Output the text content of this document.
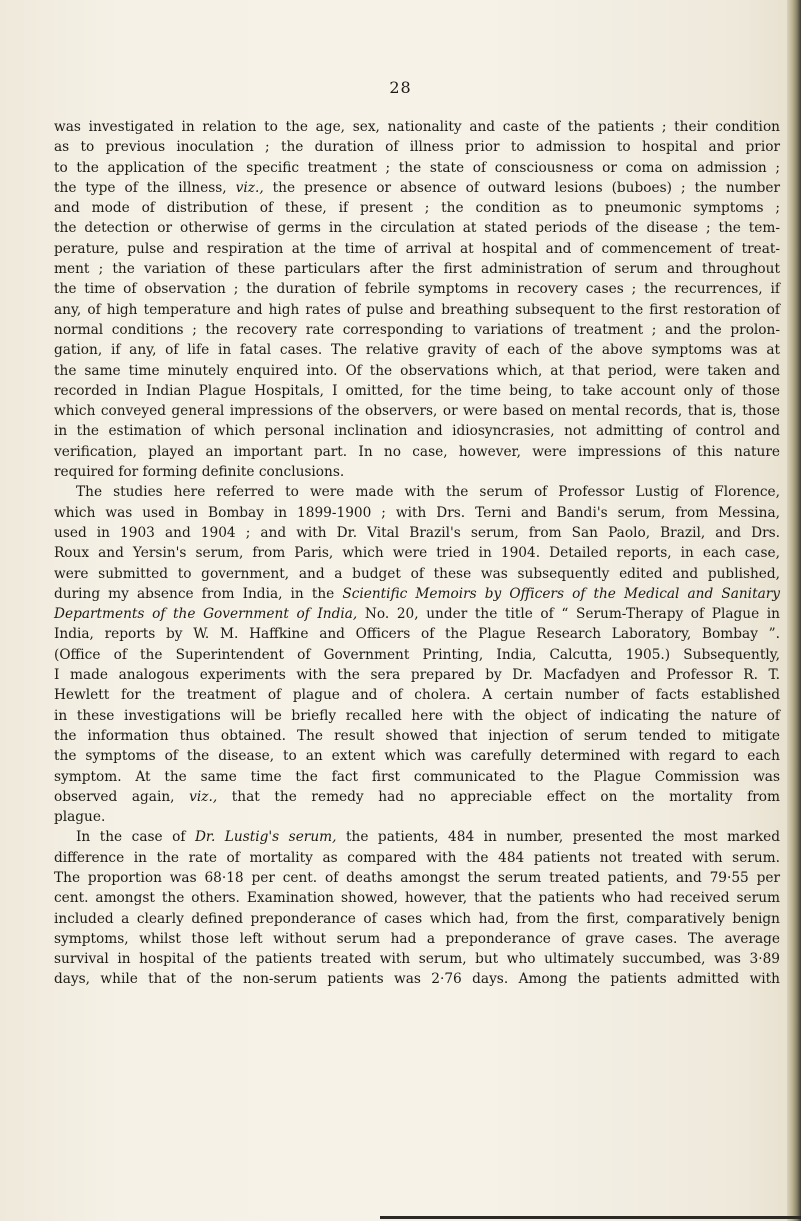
28
was investigated in relation to the age, sex, nationality and caste of the patients ; their condition
as to previous inoculation ; the duration of illness prior to admission to hospital and prior
to the application of the specific treatment ; the state of consciousness or coma on admission ;
the type of the illness, viz., the presence or absence of outward lesions (buboes) ; the number
and mode of distribution of these, if present ; the condition as to pneumonic symptoms ;
the detection or otherwise of germs in the circulation at stated periods of the disease ; the tem-
perature, pulse and respiration at the time of arrival at hospital and of commencement of treat-
ment ; the variation of these particulars after the first administration of serum and throughout
the time of observation ; the duration of febrile symptoms in recovery cases ; the recurrences, if
any, of high temperature and high rates of pulse and breathing subsequent to the first restoration of
normal conditions ; the recovery rate corresponding to variations of treatment ; and the prolon-
gation, if any, of life in fatal cases. The relative gravity of each of the above symptoms was at
the same time minutely enquired into. Of the observations which, at that period, were taken and
recorded in Indian Plague Hospitals, I omitted, for the time being, to take account only of those
which conveyed general impressions of the observers, or were based on mental records, that is, those
in the estimation of which personal inclination and idiosyncrasies, not admitting of control and
verification, played an important part. In no case, however, were impressions of this nature
required for forming definite conclusions.
The studies here referred to were made with the serum of Professor Lustig of Florence,
which was used in Bombay in 1899-1900 ; with Drs. Terni and Bandi's serum, from Messina,
used in 1903 and 1904 ; and with Dr. Vital Brazil's serum, from San Paolo, Brazil, and Drs.
Roux and Yersin's serum, from Paris, which were tried in 1904. Detailed reports, in each case,
were submitted to government, and a budget of these was subsequently edited and published,
during my absence from India, in the Scientific Memoirs by Officers of the Medical and Sanitary
Departments of the Government of India, No. 20, under the title of “ Serum-Therapy of Plague in
India, reports by W. M. Haffkine and Officers of the Plague Research Laboratory, Bombay ”.
(Office of the Superintendent of Government Printing, India, Calcutta, 1905.) Subsequently,
I made analogous experiments with the sera prepared by Dr. Macfadyen and Professor R. T.
Hewlett for the treatment of plague and of cholera. A certain number of facts established
in these investigations will be briefly recalled here with the object of indicating the nature of
the information thus obtained. The result showed that injection of serum tended to mitigate
the symptoms of the disease, to an extent which was carefully determined with regard to each
symptom. At the same time the fact first communicated to the Plague Commission was
observed again, viz., that the remedy had no appreciable effect on the mortality from
plague.
In the case of Dr. Lustig's serum, the patients, 484 in number, presented the most marked
difference in the rate of mortality as compared with the 484 patients not treated with serum.
The proportion was 68·18 per cent. of deaths amongst the serum treated patients, and 79·55 per
cent. amongst the others. Examination showed, however, that the patients who had received serum
included a clearly defined preponderance of cases which had, from the first, comparatively benign
symptoms, whilst those left without serum had a preponderance of grave cases. The average
survival in hospital of the patients treated with serum, but who ultimately succumbed, was 3·89
days, while that of the non-serum patients was 2·76 days. Among the patients admitted with
